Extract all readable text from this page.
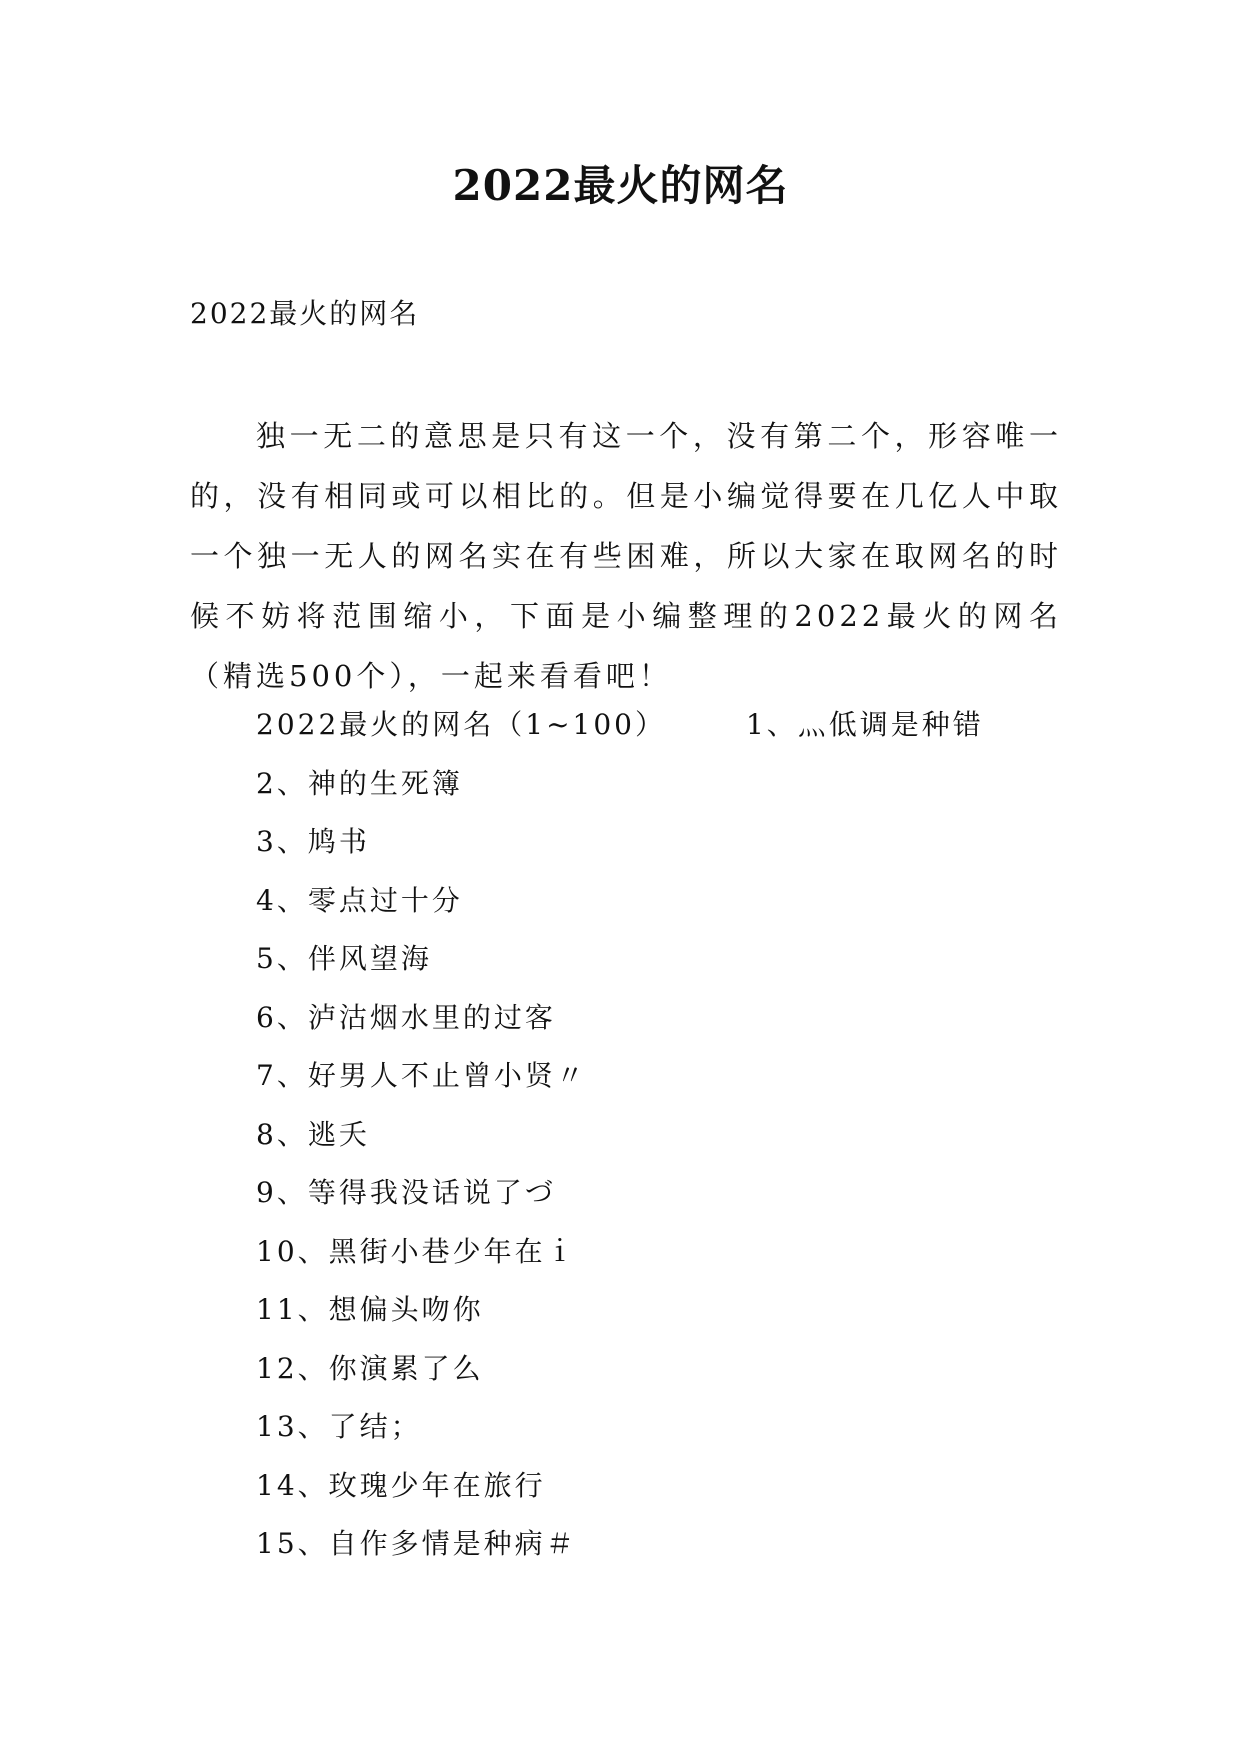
2022最火的网名
2022最火的网名
独一无二的意思是只有这一个，没有第二个，形容唯一的，没有相同或可以相比的。但是小编觉得要在几亿人中取一个独一无人的网名实在有些困难，所以大家在取网名的时候不妨将范围缩小，下面是小编整理的2022最火的网名（精选500个），一起来看看吧！
2022最火的网名（1~100）	1、灬低调是种错
2、神的生死簿
3、鸠书
4、零点过十分
5、伴风望海
6、泸沽烟水里的过客
7、好男人不止曾小贤〃
8、逃夭
9、等得我没话说了づ
10、黑街小巷少年在ｉ
11、想偏头吻你
12、你演累了么
13、了结；
14、玫瑰少年在旅行
15、自作多情是种病＃
